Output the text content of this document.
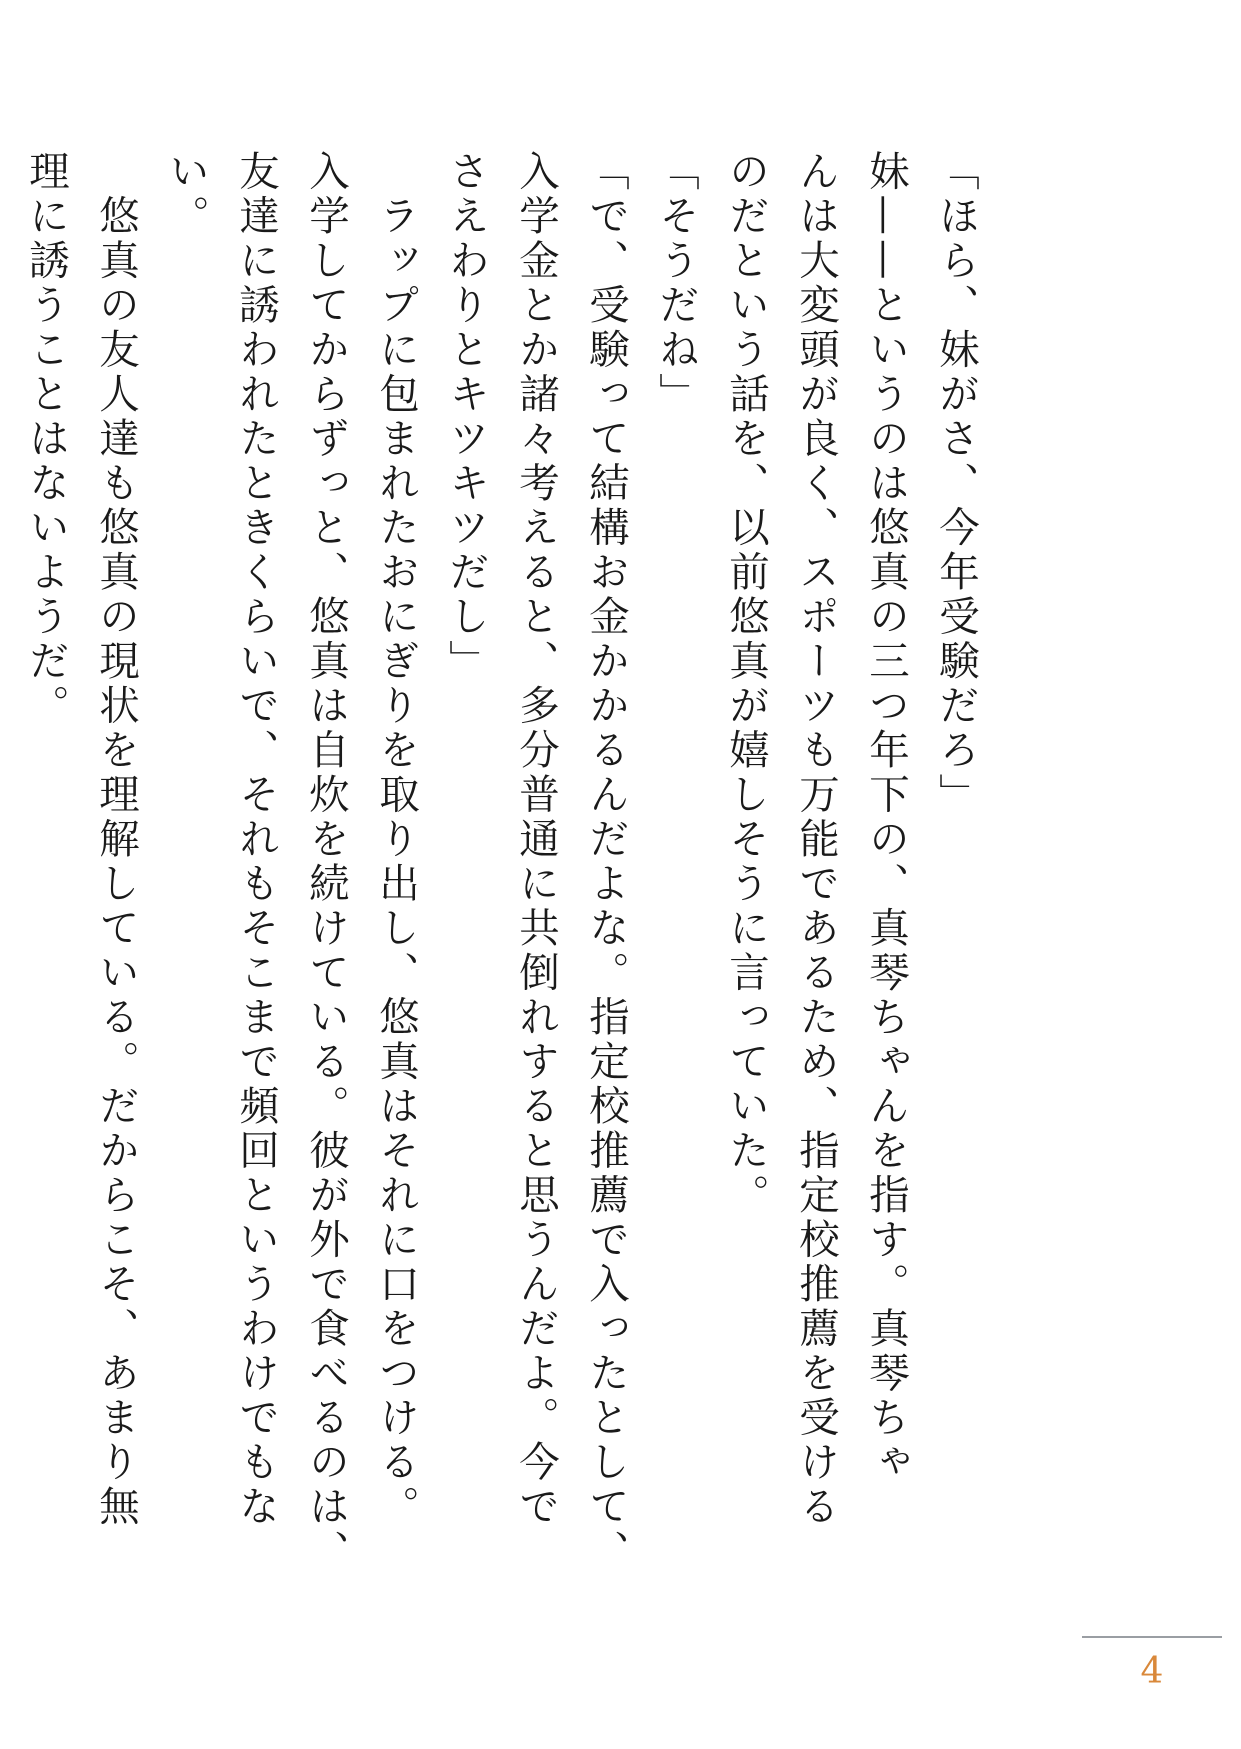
「ほら、妹がさ、今年受験だろ」

妹——というのは悠真の三つ年下の、真琴ちゃんを指す。真琴ちゃ

んは大変頭が良く、スポーツも万能であるため、指定校推薦を受ける

のだという話を、以前悠真が嬉しそうに言っていた。

「そうだね」

「で、受験って結構お金かかるんだよな。指定校推薦で入ったとして、

入学金とか諸々考えると、多分普通に共倒れすると思うんだよ。今で

さえわりとキツキツだし」

　ラップに包まれたおにぎりを取り出し、悠真はそれに口をつける。

入学してからずっと、悠真は自炊を続けている。彼が外で食べるのは、

友達に誘われたときくらいで、それもそこまで頻回というわけでもな

い。

　悠真の友人達も悠真の現状を理解している。だからこそ、あまり無

理に誘うことはないようだ。

4
